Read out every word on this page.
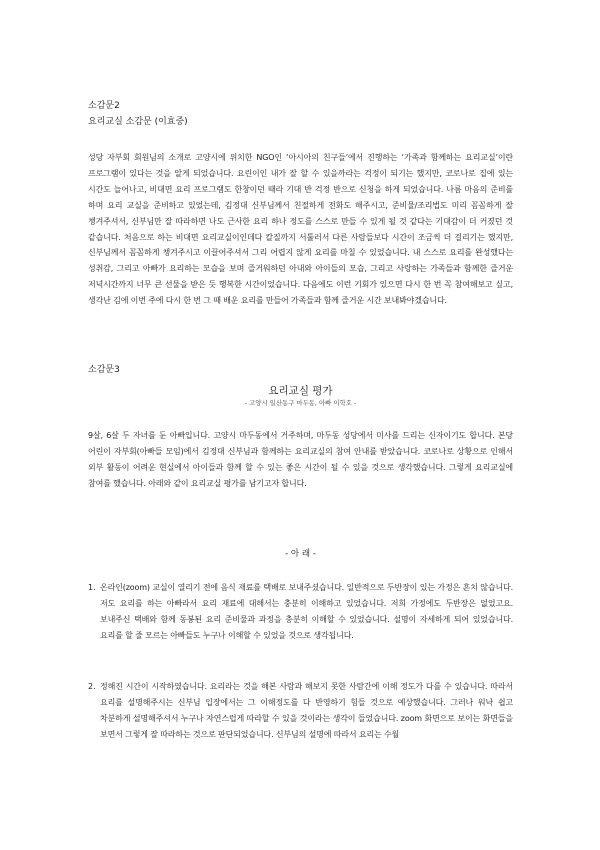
소감문2

요리교실 소감문 (이효중)

성당 자부회 회원님의 소개로 고양시에 위치한 NGO인 ‘아시아의 친구들’에서 진행하는 ‘가족과 함께하는 요리교실’이란 프로그램이 있다는 것을 알게 되었습니다. 요린이인 내가 잘 할 수 있을까라는 걱정이 되기는 했지만, 코로나로 집에 있는 시간도 늘어나고, 비대면 요리 프로그램도 한창이던 때라 기대 반 걱정 반으로 신청을 하게 되었습니다. 나름 마음의 준비를 하며 요리 교실을 준비하고 있었는데, 김정대 신부님께서 친절하게 전화도 해주시고, 준비물/조리법도 미리 꼼꼼하게 잘 챙겨주셔서, 신부님만 잘 따라하면 나도 근사한 요리 하나 정도를 스스로 만들 수 있게 될 것 같다는 기대감이 더 커졌던 것 같습니다. 처음으로 하는 비대면 요리교실이인데다 칼질까지 서툴러서 다른 사람들보다 시간이 조금씩 더 걸리기는 했지만, 신부님께서 꼼꼼하게 챙겨주시고 이끌어주셔서 그리 어렵지 않게 요리를 마칠 수 있었습니다. 내 스스로 요리를 완성했다는 성취감, 그리고 아빠가 요리하는 모습을 보며 즐거워하던 아내와 아이들의 모습, 그리고 사랑하는 가족들과 함께한 즐거운 저녁시간까지 너무 큰 선물을 받은 듯 행복한 시간이었습니다. 다음에도 이런 기회가 있으면 다시 한 번 꼭 참여해보고 싶고, 생각난 김에 이번 주에 다시 한 번 그 때 배운 요리를 만들어 가족들과 함께 즐거운 시간 보내봐야겠습니다.

소감문3

요리교실 평가

- 고양시 일산동구 마두동, 아빠 이학호 -

9살, 6살 두 자녀를 둔 아빠입니다. 고양시 마두동에서 거주하며, 마두동 성당에서 미사를 드리는 신자이기도 합니다. 본당 어린이 자부회(아빠들 모임)에서 김정대 신부님과 함께하는 요리교실의 참여 안내를 받았습니다. 코로나로 상황으로 인해서 외부 활동이 어려운 현실에서 아이들과 함께 할 수 있는 좋은 시간이 될 수 있을 것으로 생각했습니다. 그렇게 요리교실에 참여를 했습니다. 아래와 같이 요리교실 평가를 남기고자 합니다.

- 아 래 -

1. 온라인(zoom) 교실이 열리기 전에 음식 재료를 택배로 보내주셨습니다. 일반적으로 두반장이 있는 가정은 흔치 않습니다. 저도 요리를 하는 아빠라서 요리 재료에 대해서는 충분히 이해하고 있었습니다. 저희 가정에도 두반장은 없었고요. 보내주신 택배와 함께 동봉된 요리 준비물과 과정을 충분히 이해할 수 있었습니다. 설명이 자세하게 되어 있었습니다. 요리를 할 줄 모르는 아빠들도 누구나 이해할 수 있었을 것으로 생각됩니다.

2. 정해진 시간이 시작하였습니다. 요리라는 것을 해본 사람과 해보지 못한 사람간에 이해 정도가 다를 수 있습니다. 따라서 요리를 설명해주시는 신부님 입장에서는 그 이해정도를 다 반영하기 힘들 것으로 예상했습니다. 그러나 워낙 쉽고 차분하게 설명해주셔서 누구나 자연스럽게 따라할 수 있을 것이라는 생각이 들었습니다. zoom 화면으로 보이는 화면들을 보면서 그렇게 잘 따라하는 것으로 판단되었습니다. 신부님의 설명에 따라서 요리는 수월
